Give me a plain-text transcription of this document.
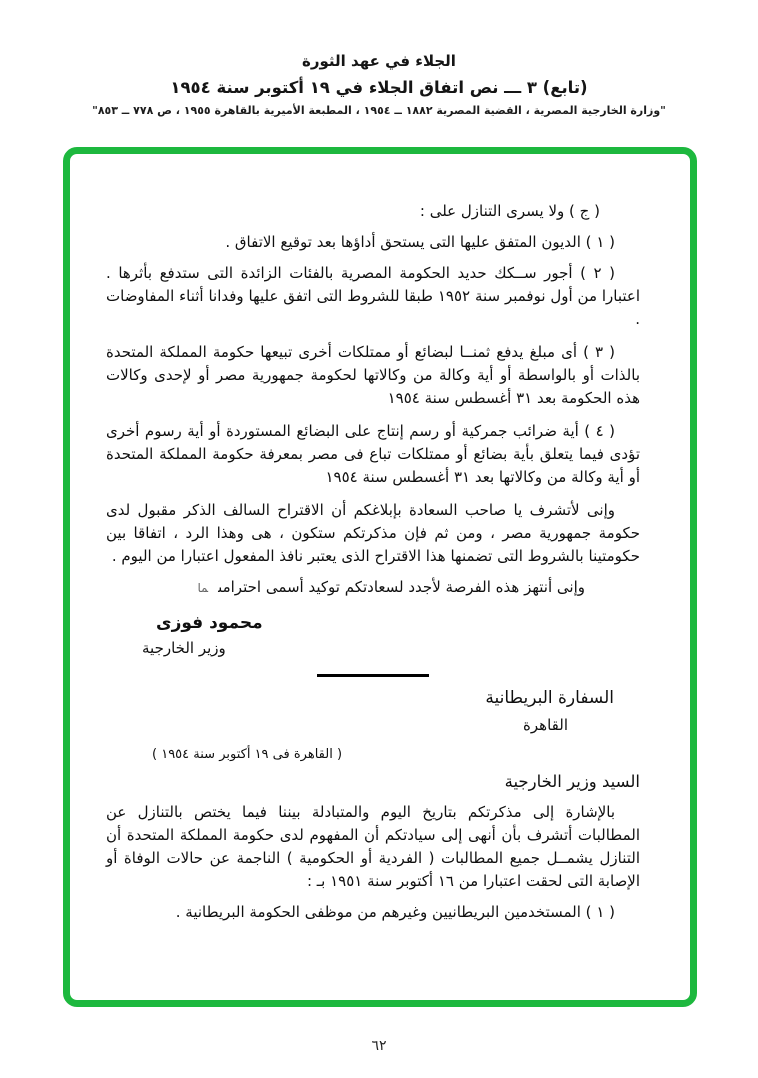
الجلاء في عهد الثورة
(تابع) ٣ ـــ نص اتفاق الجلاء في ١٩ أكتوبر سنة ١٩٥٤
"وزارة الخارجية المصرية ، القضية المصرية ١٨٨٢ ــ ١٩٥٤ ، المطبعة الأميرية بالقاهرة ١٩٥٥ ، ص ٧٧٨ ــ ٨٥٣"

( ج ) ولا يسرى التنازل على :

( ١ ) الديون المتفق عليها التى يستحق أداؤها بعد توقيع الاتفاق .

( ٢ ) أجور ســكك حديد الحكومة المصرية بالفئات الزائدة التى ستدفع بأثرها . اعتبارا من أول نوفمبر سنة ١٩٥٢ طبقا للشروط التى اتفق عليها وفدانا أثناء المفاوضات .

( ٣ ) أى مبلغ يدفع ثمنــا لبضائع أو ممتلكات أخرى تبيعها حكومة المملكة المتحدة بالذات أو بالواسطة أو أية وكالة من وكالاتها لحكومة جمهورية مصر أو لإحدى وكالات هذه الحكومة بعد ٣١ أغسطس سنة ١٩٥٤

( ٤ ) أية ضرائب جمركية أو رسم إنتاج على البضائع المستوردة أو أية رسوم أخرى تؤدى فيما يتعلق بأية بضائع أو ممتلكات تباع فى مصر بمعرفة حكومة المملكة المتحدة أو أية وكالة من وكالاتها بعد ٣١ أغسطس سنة ١٩٥٤

وإنى لأتشرف يا صاحب السعادة بإبلاغكم أن الاقتراح السالف الذكر مقبول لدى حكومة جمهورية مصر ، ومن ثم فإن مذكرتكم ستكون ، هى وهذا الرد ، اتفاقا بين حكومتينا بالشروط التى تضمنها هذا الاقتراح الذى يعتبر نافذ المفعول اعتبارا من اليوم .

وإنى أنتهز هذه الفرصة لأجدد لسعادتكم توكيد أسمى احترامىما

محمود فوزى

وزير الخارجية

السفارة البريطانية

القاهرة

( القاهرة فى ١٩ أكتوبر سنة ١٩٥٤ )

السيد وزير الخارجية

بالإشارة إلى مذكرتكم بتاريخ اليوم والمتبادلة بيننا فيما يختص بالتنازل عن المطالبات أتشرف بأن أنهى إلى سيادتكم أن المفهوم لدى حكومة المملكة المتحدة أن التنازل يشمــل جميع المطالبات ( الفردية أو الحكومية ) الناجمة عن حالات الوفاة أو الإصابة التى لحقت اعتبارا من ١٦ أكتوبر سنة ١٩٥١ بـ :

( ١ ) المستخدمين البريطانيين وغيرهم من موظفى الحكومة البريطانية .

٦٢
